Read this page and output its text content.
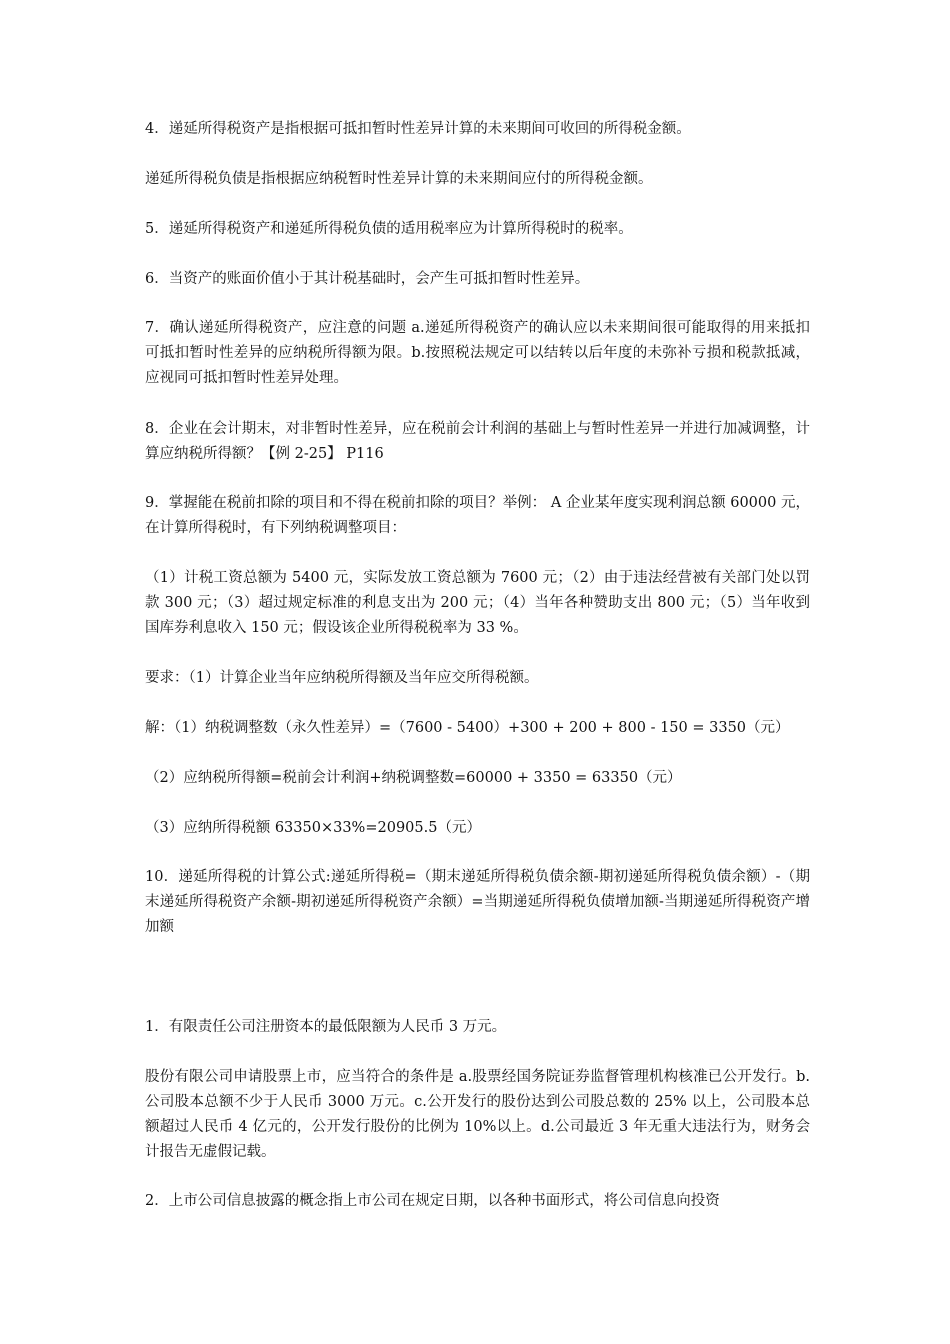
4．递延所得税资产是指根据可抵扣暂时性差异计算的未来期间可收回的所得税金额。

递延所得税负债是指根据应纳税暂时性差异计算的未来期间应付的所得税金额。

5．递延所得税资产和递延所得税负债的适用税率应为计算所得税时的税率。

6．当资产的账面价值小于其计税基础时，会产生可抵扣暂时性差异。

7．确认递延所得税资产，应注意的问题 a.递延所得税资产的确认应以未来期间很可能取得的用来抵扣可抵扣暂时性差异的应纳税所得额为限。b.按照税法规定可以结转以后年度的未弥补亏损和税款抵减，应视同可抵扣暂时性差异处理。

8．企业在会计期末，对非暂时性差异，应在税前会计利润的基础上与暂时性差异一并进行加减调整，计算应纳税所得额？【例 2-25】 P116

9．掌握能在税前扣除的项目和不得在税前扣除的项目？举例： A 企业某年度实现利润总额 60000 元，在计算所得税时，有下列纳税调整项目：

（1）计税工资总额为 5400 元，实际发放工资总额为 7600 元；（2）由于违法经营被有关部门处以罚款 300 元；（3）超过规定标准的利息支出为 200 元；（4）当年各种赞助支出 800 元；（5）当年收到国库券利息收入 150 元；假设该企业所得税税率为 33 %。

要求：（1）计算企业当年应纳税所得额及当年应交所得税额。

解：（1）纳税调整数（永久性差异）=（7600 - 5400）+300 + 200 + 800 - 150 = 3350（元）

（2）应纳税所得额=税前会计利润+纳税调整数=60000 + 3350 = 63350（元）

（3）应纳所得税额 63350×33%=20905.5（元）

10．递延所得税的计算公式:递延所得税=（期末递延所得税负债余额-期初递延所得税负债余额）-（期末递延所得税资产余额-期初递延所得税资产余额）=当期递延所得税负债增加额-当期递延所得税资产增加额

1．有限责任公司注册资本的最低限额为人民币 3 万元。

股份有限公司申请股票上市，应当符合的条件是 a.股票经国务院证券监督管理机构核准已公开发行。b.公司股本总额不少于人民币 3000 万元。c.公开发行的股份达到公司股总数的 25% 以上，公司股本总额超过人民币 4 亿元的，公开发行股份的比例为 10%以上。d.公司最近 3 年无重大违法行为，财务会计报告无虚假记载。

2．上市公司信息披露的概念指上市公司在规定日期，以各种书面形式，将公司信息向投资
